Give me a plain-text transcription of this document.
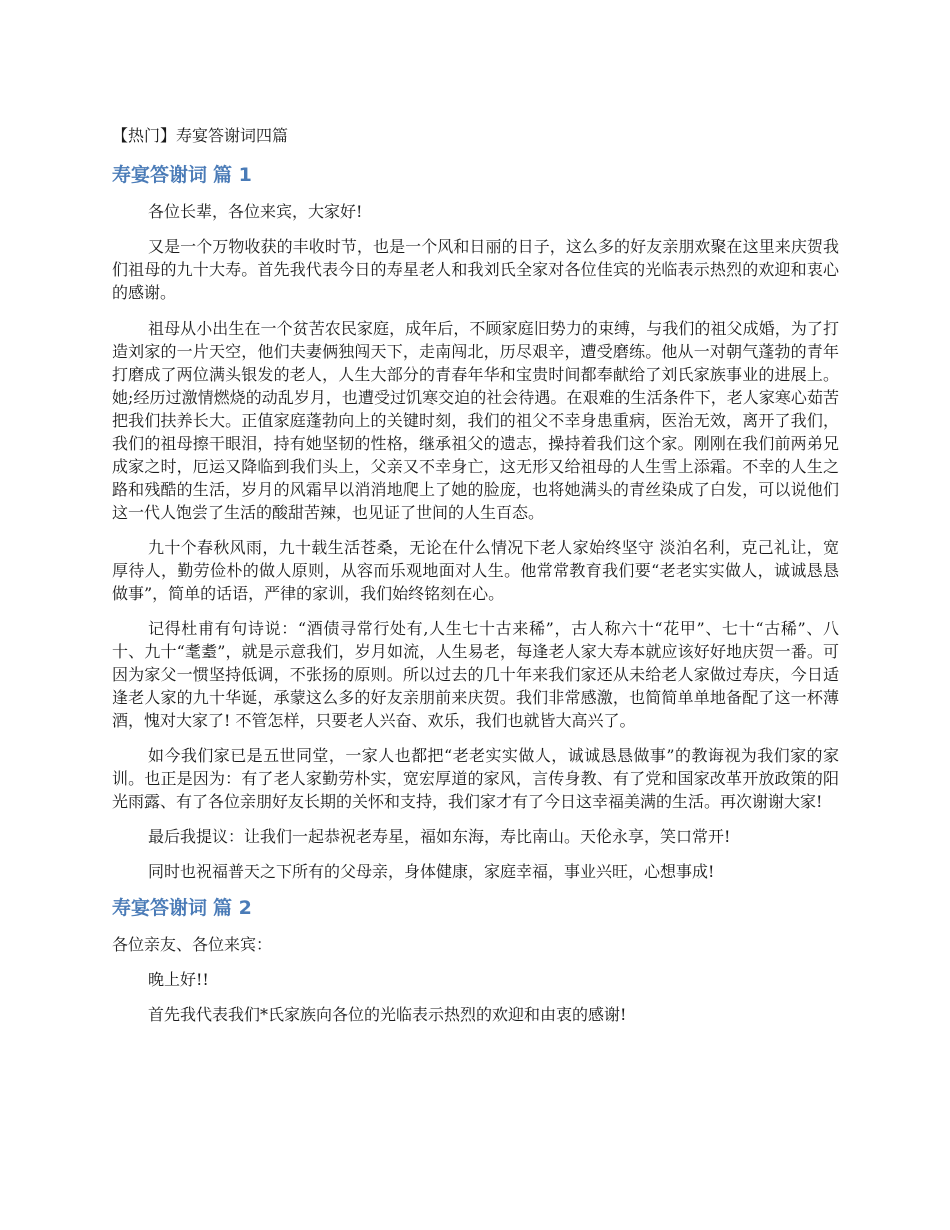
【热门】寿宴答谢词四篇
寿宴答谢词 篇 1

各位长辈，各位来宾，大家好!

又是一个万物收获的丰收时节，也是一个风和日丽的日子，这么多的好友亲朋欢聚在这里来庆贺我们祖母的九十大寿。首先我代表今日的寿星老人和我刘氏全家对各位佳宾的光临表示热烈的欢迎和衷心的感谢。

祖母从小出生在一个贫苦农民家庭，成年后，不顾家庭旧势力的束缚，与我们的祖父成婚，为了打造刘家的一片天空，他们夫妻俩独闯天下，走南闯北，历尽艰辛，遭受磨练。他从一对朝气蓬勃的青年打磨成了两位满头银发的老人，人生大部分的青春年华和宝贵时间都奉献给了刘氏家族事业的进展上。她;经历过激情燃烧的动乱岁月，也遭受过饥寒交迫的社会待遇。在艰难的生活条件下，老人家寒心茹苦把我们扶养长大。正值家庭蓬勃向上的关键时刻，我们的祖父不幸身患重病，医治无效，离开了我们，我们的祖母擦干眼泪，持有她坚韧的性格，继承祖父的遗志，操持着我们这个家。刚刚在我们前两弟兄成家之时，厄运又降临到我们头上，父亲又不幸身亡，这无形又给祖母的人生雪上添霜。不幸的人生之路和残酷的生活，岁月的风霜早以消消地爬上了她的脸庞，也将她满头的青丝染成了白发，可以说他们这一代人饱尝了生活的酸甜苦辣，也见证了世间的人生百态。

九十个春秋风雨，九十载生活苍桑，无论在什么情况下老人家始终坚守 淡泊名利，克己礼让，宽厚待人，勤劳俭朴的做人原则，从容而乐观地面对人生。他常常教育我们要“老老实实做人，诚诚恳恳做事”，简单的话语，严律的家训，我们始终铭刻在心。

记得杜甫有句诗说：“酒债寻常行处有,人生七十古来稀”，古人称六十“花甲”、七十“古稀”、八十、九十“耄耋”，就是示意我们，岁月如流，人生易老，每逢老人家大寿本就应该好好地庆贺一番。可因为家父一惯坚持低调，不张扬的原则。所以过去的几十年来我们家还从未给老人家做过寿庆，今日适逢老人家的九十华诞，承蒙这么多的好友亲朋前来庆贺。我们非常感激，也简简单单地备配了这一杯薄酒，愧对大家了! 不管怎样，只要老人兴奋、欢乐，我们也就皆大高兴了。

如今我们家已是五世同堂，一家人也都把“老老实实做人，诚诚恳恳做事”的教诲视为我们家的家训。也正是因为：有了老人家勤劳朴实，宽宏厚道的家风，言传身教、有了党和国家改革开放政策的阳光雨露、有了各位亲朋好友长期的关怀和支持，我们家才有了今日这幸福美满的生活。再次谢谢大家!

最后我提议：让我们一起恭祝老寿星，福如东海，寿比南山。天伦永享，笑口常开!

同时也祝福普天之下所有的父母亲，身体健康，家庭幸福，事业兴旺，心想事成!

寿宴答谢词 篇 2

各位亲友、各位来宾：

晚上好!!

首先我代表我们*氏家族向各位的光临表示热烈的欢迎和由衷的感谢!
